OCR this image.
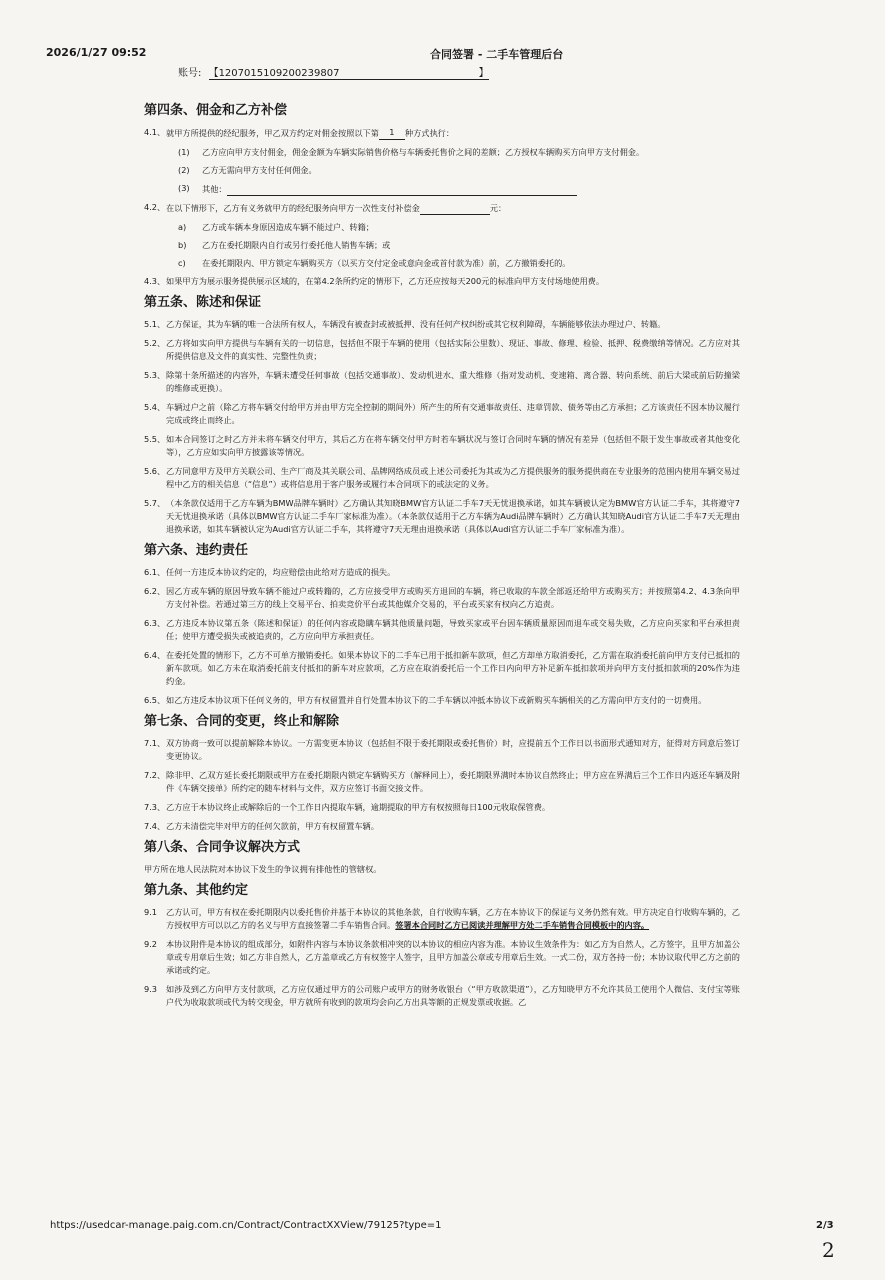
2026/1/27 09:52	合同签署 - 二手车管理后台
账号: 【1207015109200239807	】
第四条、佣金和乙方补偿
4.1、 就甲方所提供的经纪服务，甲乙双方约定对佣金按照以下第 1 种方式执行：
(1)	乙方应向甲方支付佣金，佣金金额为车辆实际销售价格与车辆委托售价之间的差额；乙方授权车辆购买方向甲方支付佣金。
(2)	乙方无需向甲方支付任何佣金。
(3)	其他：
4.2、 在以下情形下，乙方有义务就甲方的经纪服务向甲方一次性支付补偿金	元：
a)	乙方或车辆本身原因造成车辆不能过户、转籍；
b)	乙方在委托期限内自行或另行委托他人销售车辆；或
c)	在委托期限内、甲方锁定车辆购买方（以买方交付定金或意向金或首付款为准）前，乙方撤销委托的。
4.3、 如果甲方为展示服务提供展示区域的，在第4.2条所约定的情形下，乙方还应按每天200元的标准向甲方支付场地使用费。
第五条、陈述和保证
5.1、 乙方保证，其为车辆的唯一合法所有权人，车辆没有被查封或被抵押、没有任何产权纠纷或其它权利障碍，车辆能够依法办理过户、转籍。
5.2、 乙方将如实向甲方提供与车辆有关的一切信息，包括但不限于车辆的使用（包括实际公里数）、现证、事故、修理、检验、抵押、税费缴纳等情况。乙方应对其所提供信息及文件的真实性、完整性负责；
5.3、 除第十条所描述的内容外，车辆未遭受任何事故（包括交通事故）、发动机进水、重大维修（指对发动机、变速箱、离合器、转向系统、前后大梁或前后防撞梁的维修或更换）。
5.4、 车辆过户之前（除乙方将车辆交付给甲方并由甲方完全控制的期间外）所产生的所有交通事故责任、违章罚款、债务等由乙方承担；乙方该责任不因本协议履行完成或终止而终止。
5.5、 如本合同签订之时乙方并未将车辆交付甲方，其后乙方在将车辆交付甲方时若车辆状况与签订合同时车辆的情况有差异（包括但不限于发生事故或者其他变化等），乙方应如实向甲方披露该等情况。
5.6、 乙方同意甲方及甲方关联公司、生产厂商及其关联公司、品牌网络成员或上述公司委托为其或为乙方提供服务的服务提供商在专业服务的范围内使用车辆交易过程中乙方的相关信息（“信息”）或将信息用于客户服务或履行本合同项下的或法定的义务。
5.7、 （本条款仅适用于乙方车辆为BMW品牌车辆时）乙方确认其知晓BMW官方认证二手车7天无忧退换承诺，如其车辆被认定为BMW官方认证二手车，其将遵守7天无忧退换承诺（具体以BMW官方认证二手车厂家标准为准）。（本条款仅适用于乙方车辆为Audi品牌车辆时）乙方确认其知晓Audi官方认证二手车7天无理由退换承诺，如其车辆被认定为Audi官方认证二手车，其将遵守7天无理由退换承诺（具体以Audi官方认证二手车厂家标准为准）。
第六条、违约责任
6.1、 任何一方违反本协议约定的，均应赔偿由此给对方造成的损失。
6.2、 因乙方或车辆的原因导致车辆不能过户或转籍的，乙方应接受甲方或购买方退回的车辆，将已收取的车款全部返还给甲方或购买方；并按照第4.2、4.3条向甲方支付补偿。若通过第三方的线上交易平台、拍卖竞价平台或其他媒介交易的，平台或买家有权向乙方追责。
6.3、 乙方违反本协议第五条（陈述和保证）的任何内容或隐瞒车辆其他质量问题，导致买家或平台因车辆质量原因而退车或交易失败，乙方应向买家和平台承担责任；使甲方遭受损失或被追责的，乙方应向甲方承担责任。
6.4、 在委托处置的情形下，乙方不可单方撤销委托。如果本协议下的二手车已用于抵扣新车款项，但乙方却单方取消委托，乙方需在取消委托前向甲方支付已抵扣的新车款项。如乙方未在取消委托前支付抵扣的新车对应款项，乙方应在取消委托后一个工作日内向甲方补足新车抵扣款项并向甲方支付抵扣款项的20%作为违约金。
6.5、 如乙方违反本协议项下任何义务的，甲方有权留置并自行处置本协议下的二手车辆以冲抵本协议下或新购买车辆相关的乙方需向甲方支付的一切费用。
第七条、合同的变更，终止和解除
7.1、 双方协商一致可以提前解除本协议。一方需变更本协议（包括但不限于委托期限或委托售价）时，应提前五个工作日以书面形式通知对方，征得对方同意后签订变更协议。
7.2、 除非甲、乙双方延长委托期限或甲方在委托期限内锁定车辆购买方（解释同上），委托期限界满时本协议自然终止；甲方应在界满后三个工作日内返还车辆及附件《车辆交接单》所约定的随车材料与文件，双方应签订书面交接文件。
7.3、 乙方应于本协议终止或解除后的一个工作日内提取车辆，逾期提取的甲方有权按照每日100元收取保管费。
7.4、 乙方未清偿完毕对甲方的任何欠款前，甲方有权留置车辆。
第八条、合同争议解决方式
甲方所在地人民法院对本协议下发生的争议拥有排他性的管辖权。
第九条、其他约定
9.1	乙方认可，甲方有权在委托期限内以委托售价并基于本协议的其他条款，自行收购车辆，乙方在本协议下的保证与义务仍然有效。甲方决定自行收购车辆的，乙方授权甲方可以以乙方的名义与甲方直接签署二手车销售合同。签署本合同时乙方已阅读并理解甲方处二手车销售合同模板中的内容。
9.2	本协议附件是本协议的组成部分，如附件内容与本协议条款相冲突的以本协议的相应内容为准。本协议生效条件为：如乙方为自然人，乙方签字，且甲方加盖公章或专用章后生效；如乙方非自然人，乙方盖章或乙方有权签字人签字，且甲方加盖公章或专用章后生效。一式二份，双方各持一份；本协议取代甲乙方之前的承诺或约定。
9.3	如涉及到乙方向甲方支付款项，乙方应仅通过甲方的公司账户或甲方的财务收银台（“甲方收款渠道”），乙方知晓甲方不允许其员工使用个人微信、支付宝等账户代为收取款项或代为转交现金，甲方就所有收到的款项均会向乙方出具等额的正规发票或收据。乙
https://usedcar-manage.paig.com.cn/Contract/ContractXXView/79125?type=1	2/3
2
